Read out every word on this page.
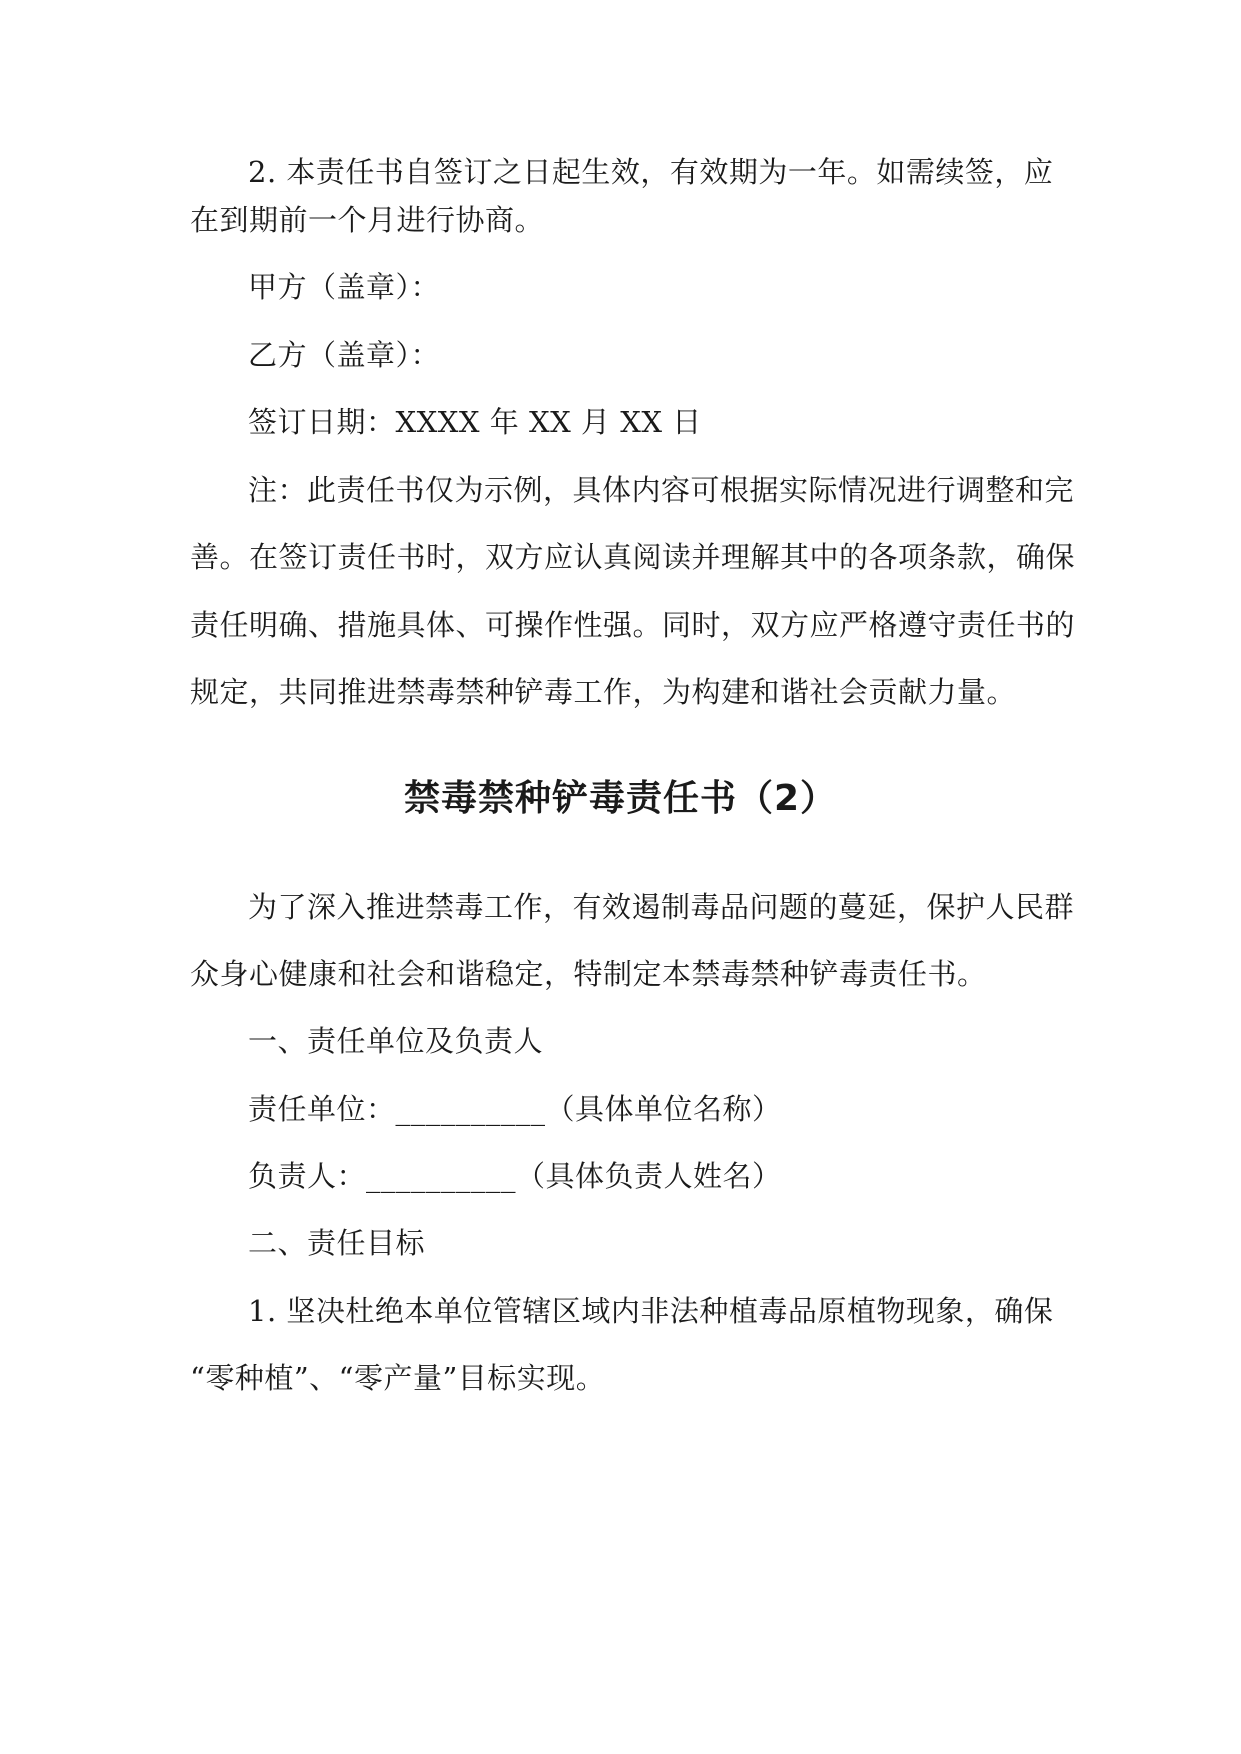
2. 本责任书自签订之日起生效，有效期为一年。如需续签，应
在到期前一个月进行协商。
甲方（盖章）：
乙方（盖章）：
签订日期：XXXX 年 XX 月 XX 日
注：此责任书仅为示例，具体内容可根据实际情况进行调整和完
善。在签订责任书时，双方应认真阅读并理解其中的各项条款，确保
责任明确、措施具体、可操作性强。同时，双方应严格遵守责任书的
规定，共同推进禁毒禁种铲毒工作，为构建和谐社会贡献力量。
禁毒禁种铲毒责任书（2）
为了深入推进禁毒工作，有效遏制毒品问题的蔓延，保护人民群
众身心健康和社会和谐稳定，特制定本禁毒禁种铲毒责任书。
一、责任单位及负责人
责任单位：__________（具体单位名称）
负责人：__________（具体负责人姓名）
二、责任目标
1. 坚决杜绝本单位管辖区域内非法种植毒品原植物现象，确保
“零种植”、“零产量”目标实现。
